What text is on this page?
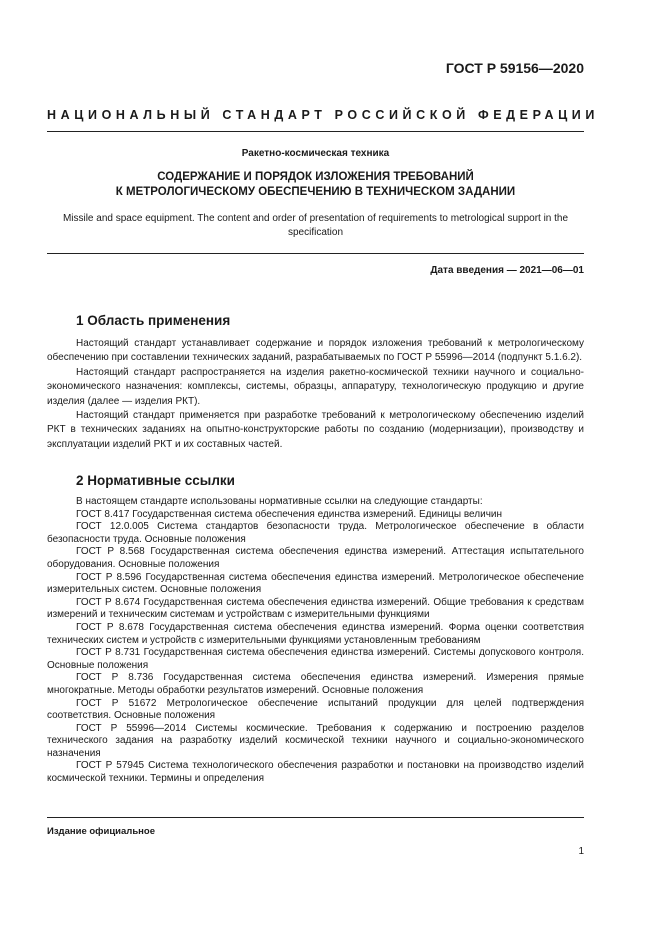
ГОСТ Р 59156—2020
НАЦИОНАЛЬНЫЙ СТАНДАРТ РОССИЙСКОЙ ФЕДЕРАЦИИ
Ракетно-космическая техника
СОДЕРЖАНИЕ И ПОРЯДОК ИЗЛОЖЕНИЯ ТРЕБОВАНИЙ
К МЕТРОЛОГИЧЕСКОМУ ОБЕСПЕЧЕНИЮ В ТЕХНИЧЕСКОМ ЗАДАНИИ
Missile and space equipment. The content and order of presentation of requirements to metrological support in the specification
Дата введения — 2021—06—01
1 Область применения

Настоящий стандарт устанавливает содержание и порядок изложения требований к метрологическому обеспечению при составлении технических заданий, разрабатываемых по ГОСТ Р 55996—2014 (подпункт 5.1.6.2).

Настоящий стандарт распространяется на изделия ракетно-космической техники научного и социально-экономического назначения: комплексы, системы, образцы, аппаратуру, технологическую продукцию и другие изделия (далее — изделия РКТ).

Настоящий стандарт применяется при разработке требований к метрологическому обеспечению изделий РКТ в технических заданиях на опытно-конструкторские работы по созданию (модернизации), производству и эксплуатации изделий РКТ и их составных частей.

2 Нормативные ссылки

В настоящем стандарте использованы нормативные ссылки на следующие стандарты:

ГОСТ 8.417 Государственная система обеспечения единства измерений. Единицы величин

ГОСТ 12.0.005 Система стандартов безопасности труда. Метрологическое обеспечение в области безопасности труда. Основные положения

ГОСТ Р 8.568 Государственная система обеспечения единства измерений. Аттестация испытательного оборудования. Основные положения

ГОСТ Р 8.596 Государственная система обеспечения единства измерений. Метрологическое обеспечение измерительных систем. Основные положения

ГОСТ Р 8.674 Государственная система обеспечения единства измерений. Общие требования к средствам измерений и техническим системам и устройствам с измерительными функциями

ГОСТ Р 8.678 Государственная система обеспечения единства измерений. Форма оценки соответствия технических систем и устройств с измерительными функциями установленным требованиям

ГОСТ Р 8.731 Государственная система обеспечения единства измерений. Системы допускового контроля. Основные положения

ГОСТ Р 8.736 Государственная система обеспечения единства измерений. Измерения прямые многократные. Методы обработки результатов измерений. Основные положения

ГОСТ Р 51672 Метрологическое обеспечение испытаний продукции для целей подтверждения соответствия. Основные положения

ГОСТ Р 55996—2014 Системы космические. Требования к содержанию и построению разделов технического задания на разработку изделий космической техники научного и социально-экономического назначения

ГОСТ Р 57945 Система технологического обеспечения разработки и постановки на производство изделий космической техники. Термины и определения

Издание официальное
1
